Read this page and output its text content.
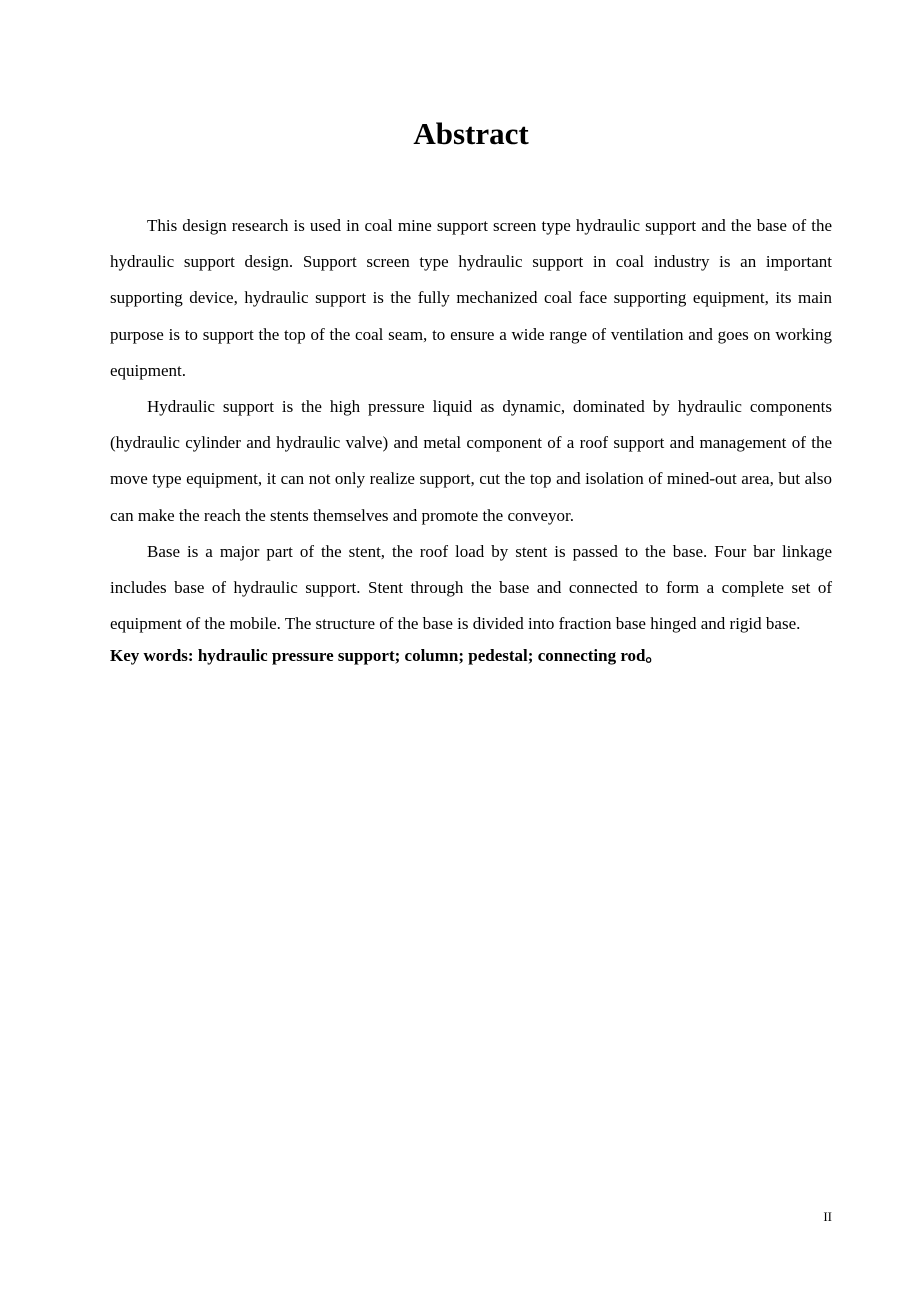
Abstract

This design research is used in coal mine support screen type hydraulic support and the base of the hydraulic support design. Support screen type hydraulic support in coal industry is an important supporting device, hydraulic support is the fully mechanized coal face supporting equipment, its main purpose is to support the top of the coal seam, to ensure a wide range of ventilation and goes on working equipment.

Hydraulic support is the high pressure liquid as dynamic, dominated by hydraulic components (hydraulic cylinder and hydraulic valve) and metal component of a roof support and management of the move type equipment, it can not only realize support, cut the top and isolation of mined-out area, but also can make the reach the stents themselves and promote the conveyor.

Base is a major part of the stent, the roof load by stent is passed to the base. Four bar linkage includes base of hydraulic support. Stent through the base and connected to form a complete set of equipment of the mobile. The structure of the base is divided into fraction base hinged and rigid base.

Key words: hydraulic pressure support; column; pedestal; connecting rod。

II
